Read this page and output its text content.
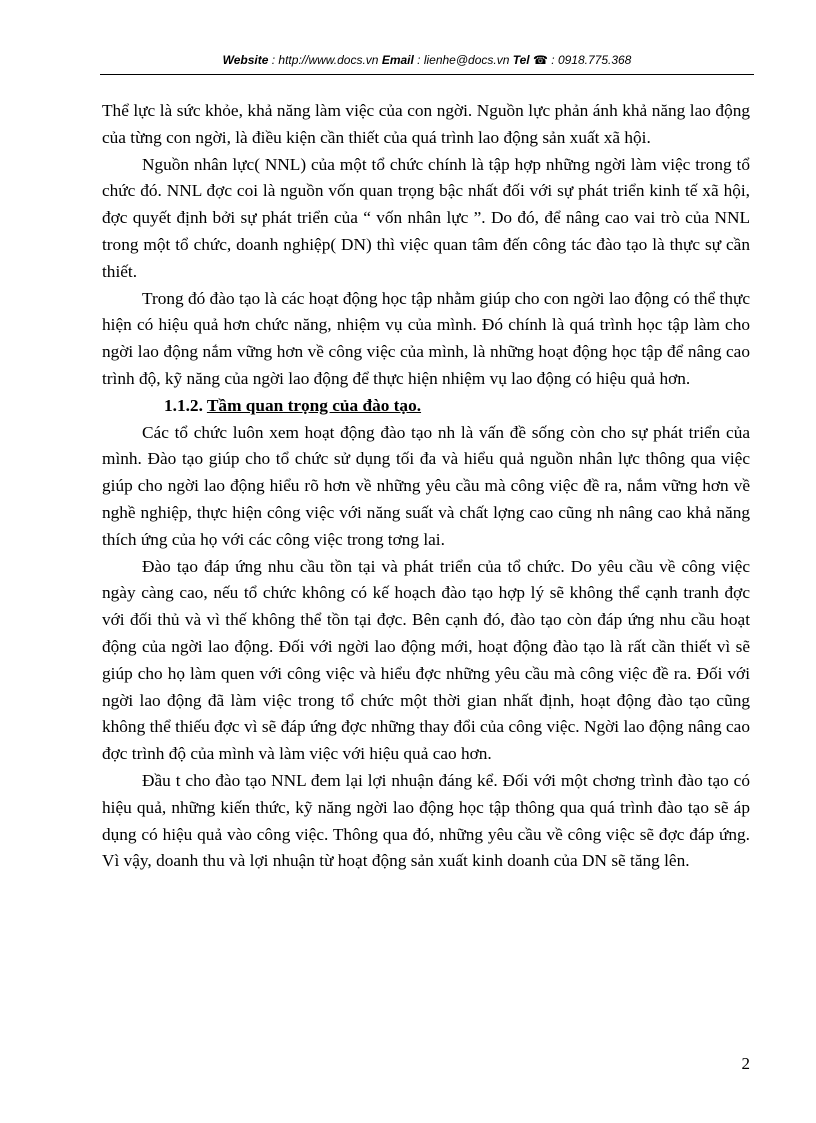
Website : http://www.docs.vn Email : lienhe@docs.vn Tel ☎ : 0918.775.368

Thể lực là sức khỏe, khả năng làm việc của con ngời. Nguồn lực phản ánh khả năng lao động của từng con ngời, là điều kiện cần thiết của quá trình lao động sản xuất xã hội.

Nguồn nhân lực( NNL) của một tổ chức chính là tập hợp những ngời làm việc trong tổ chức đó. NNL đợc coi là nguồn vốn quan trọng bậc nhất đối với sự phát triển kinh tế xã hội, đợc quyết định bởi sự phát triển của “ vốn nhân lực ”. Do đó, để nâng cao vai trò của NNL trong một tổ chức, doanh nghiệp( DN) thì việc quan tâm đến công tác đào tạo là thực sự cần thiết.

Trong đó đào tạo là các hoạt động học tập nhằm giúp cho con ngời lao động có thể thực hiện có hiệu quả hơn chức năng, nhiệm vụ của mình. Đó chính là quá trình học tập làm cho ngời lao động nắm vững hơn về công việc của mình, là những hoạt động học tập để nâng cao trình độ, kỹ năng của ngời lao động để thực hiện nhiệm vụ lao động có hiệu quả hơn.

1.1.2. Tầm quan trọng của đào tạo.

Các tổ chức luôn xem hoạt động đào tạo nh là vấn đề sống còn cho sự phát triển của mình. Đào tạo giúp cho tổ chức sử dụng tối đa và hiểu quả nguồn nhân lực thông qua việc giúp cho ngời lao động hiểu rõ hơn về những yêu cầu mà công việc đề ra, nắm vững hơn về nghề nghiệp, thực hiện công việc với năng suất và chất lợng cao cũng nh nâng cao khả năng thích ứng của họ với các công việc trong tơng lai.

Đào tạo đáp ứng nhu cầu tồn tại và phát triển của tổ chức. Do yêu cầu về công việc ngày càng cao, nếu tổ chức không có kế hoạch đào tạo hợp lý sẽ không thể cạnh tranh đợc với đối thủ và vì thế không thể tồn tại đợc. Bên cạnh đó, đào tạo còn đáp ứng nhu cầu hoạt động của ngời lao động. Đối với ngời lao động mới, hoạt động đào tạo là rất cần thiết vì sẽ giúp cho họ làm quen với công việc và hiểu đợc những yêu cầu mà công việc đề ra. Đối với ngời lao động đã làm việc trong tổ chức một thời gian nhất định, hoạt động đào tạo cũng không thể thiếu đợc vì sẽ đáp ứng đợc những thay đổi của công việc. Ngời lao động nâng cao đợc trình độ của mình và làm việc với hiệu quả cao hơn.

Đầu t cho đào tạo NNL đem lại lợi nhuận đáng kể. Đối với một chơng trình đào tạo có hiệu quả, những kiến thức, kỹ năng ngời lao động học tập thông qua quá trình đào tạo sẽ áp dụng có hiệu quả vào công việc. Thông qua đó, những yêu cầu về công việc sẽ đợc đáp ứng. Vì vậy, doanh thu và lợi nhuận từ hoạt động sản xuất kinh doanh của DN sẽ tăng lên.

2
